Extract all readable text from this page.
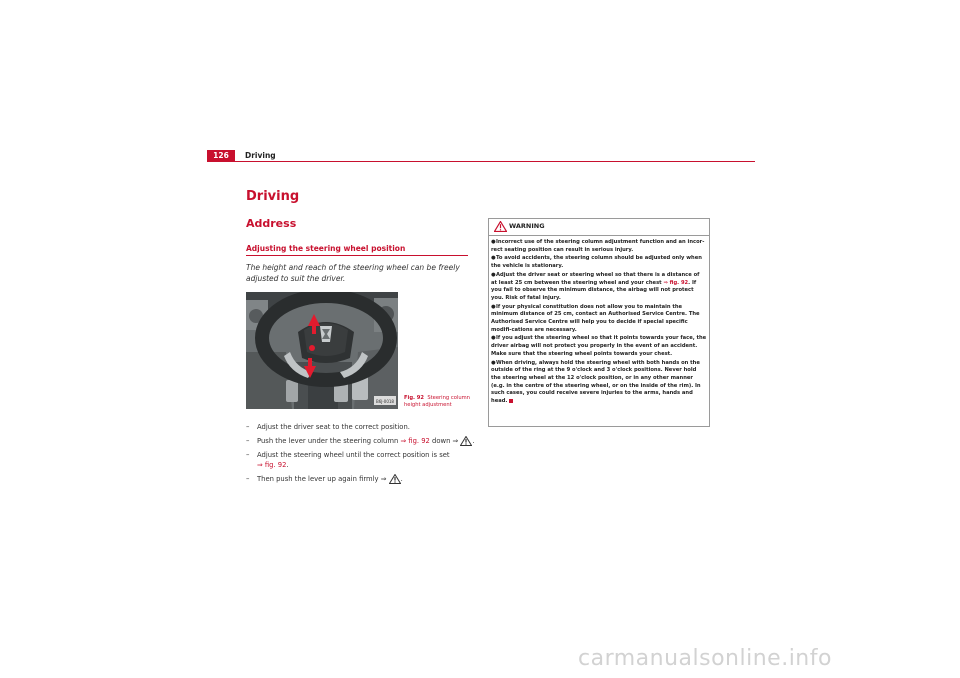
126	Driving
Driving
Address
Adjusting the steering wheel position
The height and reach of the steering wheel can be freely adjusted to suit the driver.
B6J-0018
Fig. 92 Steering column height adjustment
– Adjust the driver seat to the correct position.
– Push the lever under the steering column ⇒ fig. 92 down ⇒ .
– Adjust the steering wheel until the correct position is set
⇒ fig. 92.
– Then push the lever up again firmly ⇒ .
WARNING
●Incorrect use of the steering column adjustment function and an incor-rect seating position can result in serious injury.
●To avoid accidents, the steering column should be adjusted only when the vehicle is stationary.
●Adjust the driver seat or steering wheel so that there is a distance of at least 25 cm between the steering wheel and your chest ⇒ fig. 92. If you fail to observe the minimum distance, the airbag will not protect you. Risk of fatal injury.
●If your physical constitution does not allow you to maintain the minimum distance of 25 cm, contact an Authorised Service Centre. The Authorised Service Centre will help you to decide if special specific modifi-cations are necessary.
●If you adjust the steering wheel so that it points towards your face, the driver airbag will not protect you properly in the event of an accident. Make sure that the steering wheel points towards your chest.
●When driving, always hold the steering wheel with both hands on the outside of the ring at the 9 o'clock and 3 o'clock positions. Never hold the steering wheel at the 12 o'clock position, or in any other manner (e.g. in the centre of the steering wheel, or on the inside of the rim). In such cases, you could receive severe injuries to the arms, hands and head.
carmanualsonline.info
